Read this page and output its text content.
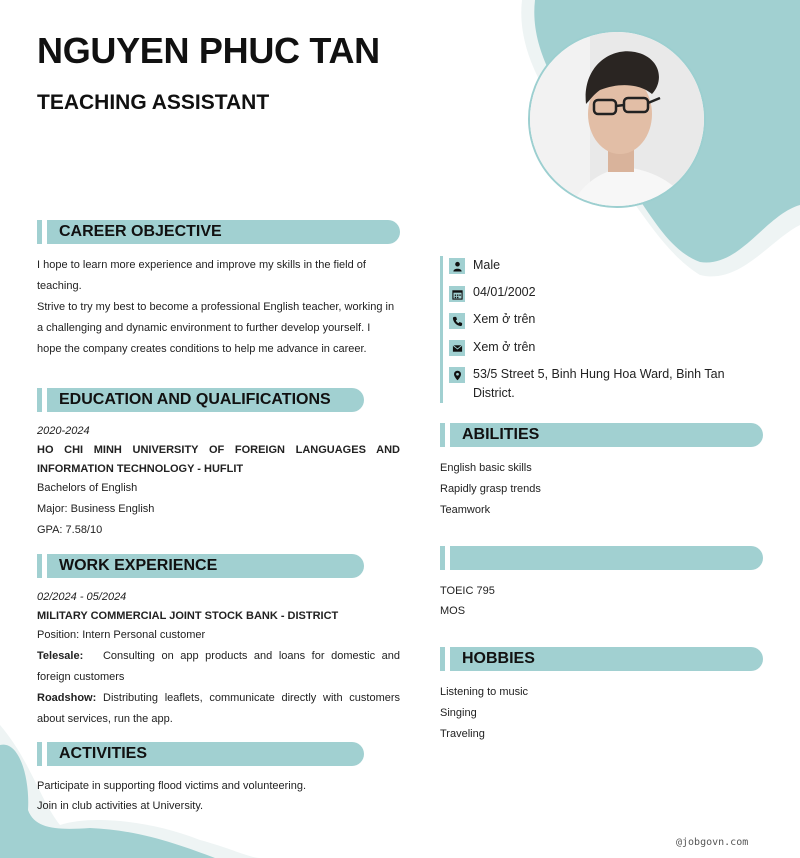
NGUYEN PHUC TAN
TEACHING ASSISTANT
CAREER OBJECTIVE
I hope to learn more experience and improve my skills in the field of
teaching.
Strive to try my best to become a professional English teacher, working in
a challenging and dynamic environment to further develop yourself. I
hope the company creates conditions to help me advance in career.
EDUCATION AND QUALIFICATIONS
2020-2024
HO CHI MINH UNIVERSITY OF FOREIGN LANGUAGES AND
INFORMATION TECHNOLOGY - HUFLIT
Bachelors of English
Major: Business English
GPA: 7.58/10
WORK EXPERIENCE
02/2024 - 05/2024
MILITARY COMMERCIAL JOINT STOCK BANK - DISTRICT
Position: Intern Personal customer
Telesale: Consulting on app products and loans for domestic and
foreign customers
Roadshow: Distributing leaflets, communicate directly with customers
about services, run the app.
ACTIVITIES
Participate in supporting flood victims and volunteering.
Join in club activities at University.
Male
04/01/2002
Xem ở trên
Xem ở trên
53/5 Street 5, Binh Hung Hoa Ward, Binh Tan
District.
ABILITIES
English basic skills
Rapidly grasp trends
Teamwork
TOEIC 795
MOS
HOBBIES
Listening to music
Singing
Traveling
@jobgovn.com
